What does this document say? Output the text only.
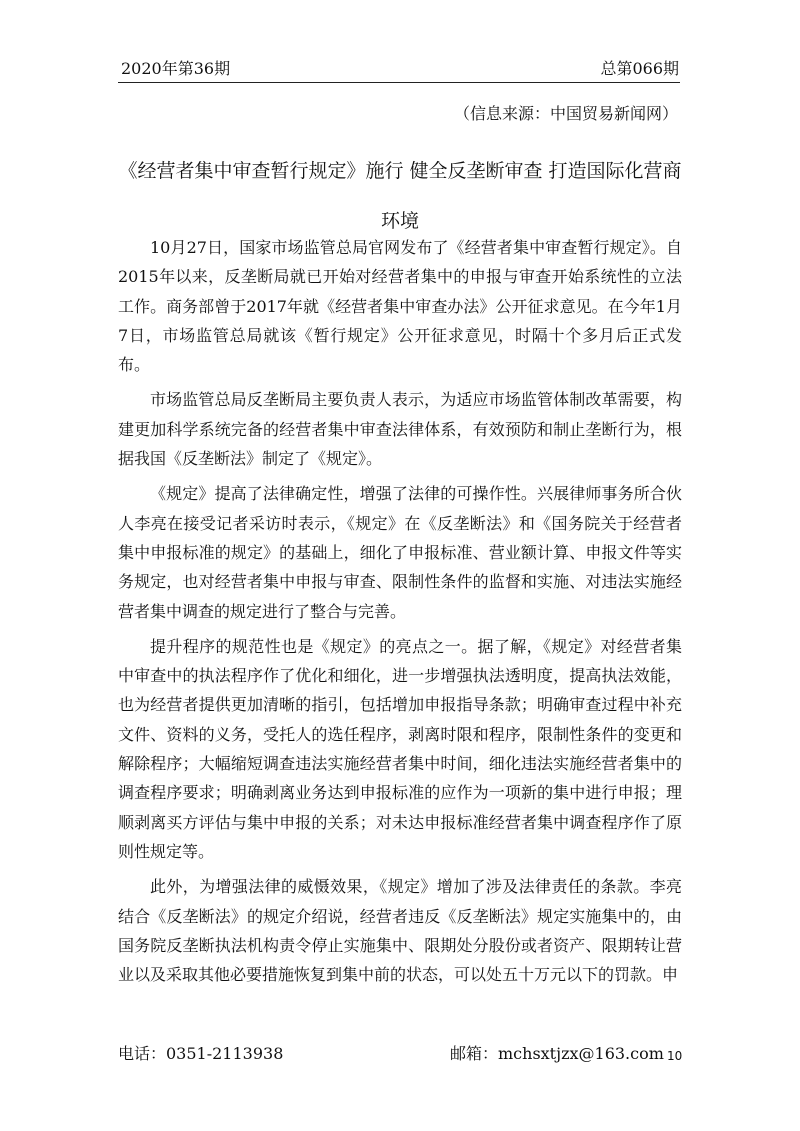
2020年第36期	总第066期
（信息来源：中国贸易新闻网）
《经营者集中审查暂行规定》施行 健全反垄断审查 打造国际化营商环境

10月27日，国家市场监管总局官网发布了《经营者集中审查暂行规定》。自2015年以来，反垄断局就已开始对经营者集中的申报与审查开始系统性的立法工作。商务部曾于2017年就《经营者集中审查办法》公开征求意见。在今年1月7日，市场监管总局就该《暂行规定》公开征求意见，时隔十个多月后正式发布。

市场监管总局反垄断局主要负责人表示，为适应市场监管体制改革需要，构建更加科学系统完备的经营者集中审查法律体系，有效预防和制止垄断行为，根据我国《反垄断法》制定了《规定》。

《规定》提高了法律确定性，增强了法律的可操作性。兴展律师事务所合伙人李亮在接受记者采访时表示，《规定》在《反垄断法》和《国务院关于经营者集中申报标准的规定》的基础上，细化了申报标准、营业额计算、申报文件等实务规定，也对经营者集中申报与审查、限制性条件的监督和实施、对违法实施经营者集中调查的规定进行了整合与完善。

提升程序的规范性也是《规定》的亮点之一。据了解，《规定》对经营者集中审查中的执法程序作了优化和细化，进一步增强执法透明度，提高执法效能，也为经营者提供更加清晰的指引，包括增加申报指导条款；明确审查过程中补充文件、资料的义务，受托人的选任程序，剥离时限和程序，限制性条件的变更和解除程序；大幅缩短调查违法实施经营者集中时间，细化违法实施经营者集中的调查程序要求；明确剥离业务达到申报标准的应作为一项新的集中进行申报；理顺剥离买方评估与集中申报的关系；对未达申报标准经营者集中调查程序作了原则性规定等。

此外，为增强法律的威慑效果，《规定》增加了涉及法律责任的条款。李亮结合《反垄断法》的规定介绍说，经营者违反《反垄断法》规定实施集中的，由国务院反垄断执法机构责令停止实施集中、限期处分股份或者资产、限期转让营业以及采取其他必要措施恢复到集中前的状态，可以处五十万元以下的罚款。申

电话：0351-2113938	邮箱：mchsxtjzx@163.com 10
